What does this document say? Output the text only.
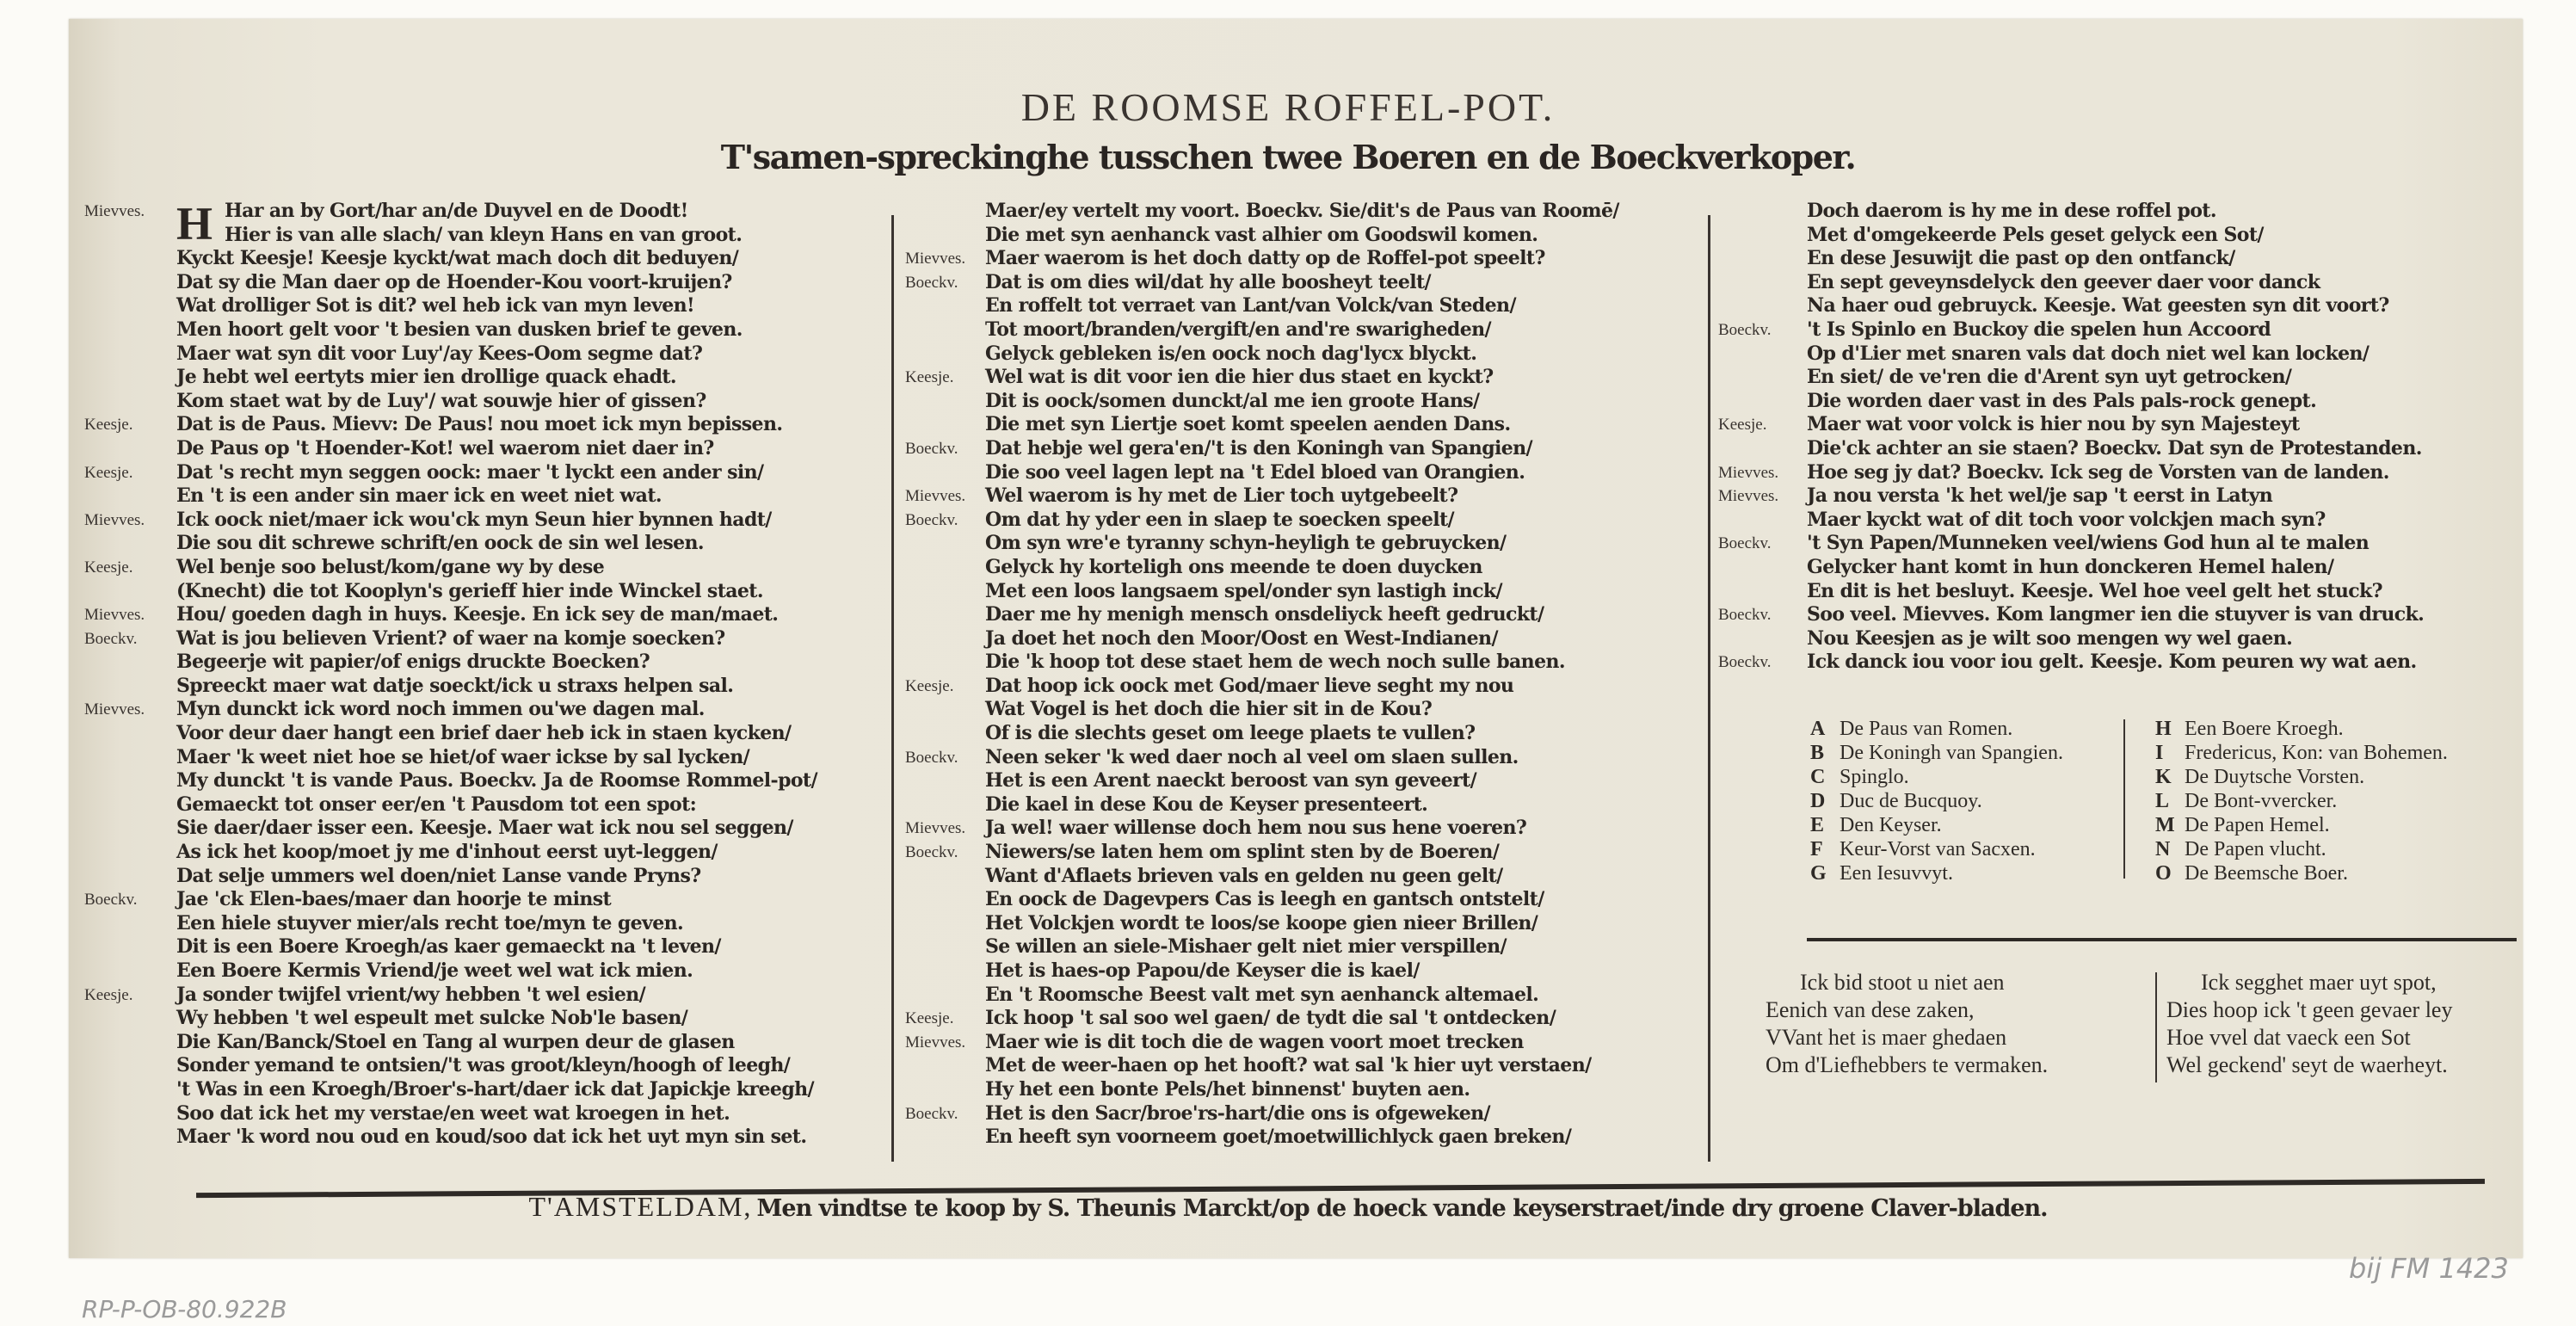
DE ROOMSE ROFFEL-POT.
T'samen-spreckinghe tusschen twee Boeren en de Boeckverkoper.
Mievves. H Har an by Gort/har an/de Duyvel en de Doodt!
Hier is van alle slach/ van kleyn Hans en van groot.
Kyckt Keesje! Keesje kyckt/wat mach doch dit beduyen/
Dat sy die Man daer op de Hoender-Kou voort-kruijen?
Wat drolliger Sot is dit? wel heb ick van myn leven!
Men hoort gelt voor 't besien van dusken brief te geven.
Maer wat syn dit voor Luy'/ay Kees-Oom segme dat?
Je hebt wel eertyts mier ien drollige quack ehadt.
Kom staet wat by de Luy'/ wat souwje hier of gissen?
Keesje. Dat is de Paus. Mievv: De Paus! nou moet ick myn bepissen.
De Paus op 't Hoender-Kot! wel waerom niet daer in?
Keesje. Dat 's recht myn seggen oock: maer 't lyckt een ander sin/
En 't is een ander sin maer ick en weet niet wat.
Mievves. Ick oock niet/maer ick wou'ck myn Seun hier bynnen hadt/
Die sou dit schrewe schrift/en oock de sin wel lesen.
Keesje. Wel benje soo belust/kom/gane wy by dese
(Knecht) die tot Kooplyn's gerieff hier inde Winckel staet.
Mievves. Hou/ goeden dagh in huys. Keesje. En ick sey de man/maet.
Boeckv. Wat is jou believen Vrient? of waer na komje soecken?
Begeerje wit papier/of enigs druckte Boecken?
Spreeckt maer wat datje soeckt/ick u straxs helpen sal.
Mievves. Myn dunckt ick word noch immen ou'we dagen mal.
Voor deur daer hangt een brief daer heb ick in staen kycken/
Maer 'k weet niet hoe se hiet/of waer ickse by sal lycken/
My dunckt 't is vande Paus. Boeckv. Ja de Roomse Rommel-pot/
Gemaeckt tot onser eer/en 't Pausdom tot een spot:
Sie daer/daer isser een. Keesje. Maer wat ick nou sel seggen/
As ick het koop/moet jy me d'inhout eerst uyt-leggen/
Dat selje ummers wel doen/niet Lanse vande Pryns?
Boeckv. Jae 'ck Elen-baes/maer dan hoorje te minst
Een hiele stuyver mier/als recht toe/myn te geven.
Dit is een Boere Kroegh/as kaer gemaeckt na 't leven/
Een Boere Kermis Vriend/je weet wel wat ick mien.
Keesje. Ja sonder twijfel vrient/wy hebben 't wel esien/
Wy hebben 't wel espeult met sulcke Nob'le basen/
Die Kan/Banck/Stoel en Tang al wurpen deur de glasen
Sonder yemand te ontsien/'t was groot/kleyn/hoogh of leegh/
't Was in een Kroegh/Broer's-hart/daer ick dat Japickje kreegh/
Soo dat ick het my verstae/en weet wat kroegen in het.
Maer 'k word nou oud en koud/soo dat ick het uyt myn sin set.
Maer/ey vertelt my voort. Boeckv. Sie/dit's de Paus van Roomē/
Die met syn aenhanck vast alhier om Goodswil komen.
Mievves. Maer waerom is het doch datty op de Roffel-pot speelt?
Boeckv. Dat is om dies wil/dat hy alle boosheyt teelt/
En roffelt tot verraet van Lant/van Volck/van Steden/
Tot moort/branden/vergift/en and're swarigheden/
Gelyck gebleken is/en oock noch dag'lycx blyckt.
Keesje. Wel wat is dit voor ien die hier dus staet en kyckt?
Dit is oock/somen dunckt/al me ien groote Hans/
Die met syn Liertje soet komt speelen aenden Dans.
Boeckv. Dat hebje wel gera'en/'t is den Koningh van Spangien/
Die soo veel lagen lept na 't Edel bloed van Orangien.
Mievves. Wel waerom is hy met de Lier toch uytgebeelt?
Boeckv. Om dat hy yder een in slaep te soecken speelt/
Om syn wre'e tyranny schyn-heyligh te gebruycken/
Gelyck hy korteligh ons meende te doen duycken
Met een loos langsaem spel/onder syn lastigh inck/
Daer me hy menigh mensch onsdeliyck heeft gedruckt/
Ja doet het noch den Moor/Oost en West-Indianen/
Die 'k hoop tot dese staet hem de wech noch sulle banen.
Keesje. Dat hoop ick oock met God/maer lieve seght my nou
Wat Vogel is het doch die hier sit in de Kou?
Of is die slechts geset om leege plaets te vullen?
Boeckv. Neen seker 'k wed daer noch al veel om slaen sullen.
Het is een Arent naeckt beroost van syn geveert/
Die kael in dese Kou de Keyser presenteert.
Mievves. Ja wel! waer willense doch hem nou sus hene voeren?
Boeckv. Niewers/se laten hem om splint sten by de Boeren/
Want d'Aflaets brieven vals en gelden nu geen gelt/
En oock de Dagevpers Cas is leegh en gantsch ontstelt/
Het Volckjen wordt te loos/se koope gien nieer Brillen/
Se willen an siele-Mishaer gelt niet mier verspillen/
Het is haes-op Papou/de Keyser die is kael/
En 't Roomsche Beest valt met syn aenhanck altemael.
Keesje. Ick hoop 't sal soo wel gaen/ de tydt die sal 't ontdecken/
Mievves. Maer wie is dit toch die de wagen voort moet trecken
Met de weer-haen op het hooft? wat sal 'k hier uyt verstaen/
Hy het een bonte Pels/het binnenst' buyten aen.
Boeckv. Het is den Sacr/broe'rs-hart/die ons is ofgeweken/
En heeft syn voorneem goet/moetwillichlyck gaen breken/
Doch daerom is hy me in dese roffel pot.
Met d'omgekeerde Pels geset gelyck een Sot/
En dese Jesuwijt die past op den ontfanck/
En sept geveynsdelyck den geever daer voor danck
Na haer oud gebruyck. Keesje. Wat geesten syn dit voort?
Boeckv. 't Is Spinlo en Buckoy die spelen hun Accoord
Op d'Lier met snaren vals dat doch niet wel kan locken/
En siet/ de ve'ren die d'Arent syn uyt getrocken/
Die worden daer vast in des Pals pals-rock genept.
Keesje. Maer wat voor volck is hier nou by syn Majesteyt
Die'ck achter an sie staen? Boeckv. Dat syn de Protestanden.
Mievves. Hoe seg jy dat? Boeckv. Ick seg de Vorsten van de landen.
Mievves. Ja nou versta 'k het wel/je sap 't eerst in Latyn
Maer kyckt wat of dit toch voor volckjen mach syn?
Boeckv. 't Syn Papen/Munneken veel/wiens God hun al te malen
Gelycker hant komt in hun donckeren Hemel halen/
En dit is het besluyt. Keesje. Wel hoe veel gelt het stuck?
Boeckv. Soo veel. Mievves. Kom langmer ien die stuyver is van druck.
Nou Keesjen as je wilt soo mengen wy wel gaen.
Boeckv. Ick danck iou voor iou gelt. Keesje. Kom peuren wy wat aen.
A De Paus van Romen.
B De Koningh van Spangien.
C Spinglo.
D Duc de Bucquoy.
E Den Keyser.
F Keur-Vorst van Sacxen.
G Een Iesuvvyt.
H Een Boere Kroegh.
I Fredericus, Kon: van Bohemen.
K De Duytsche Vorsten.
L De Bont-vvercker.
M De Papen Hemel.
N De Papen vlucht.
O De Beemsche Boer.
Ick bid stoot u niet aen
Eenich van dese zaken,
VVant het is maer ghedaen
Om d'Liefhebbers te vermaken.
Ick segghet maer uyt spot,
Dies hoop ick 't geen gevaer ley
Hoe vvel dat vaeck een Sot
Wel geckend' seyt de waerheyt.
T'AMSTELDAM, Men vindtse te koop by S. Theunis Marckt/op de hoeck vande keyserstraet/inde dry groene Claver-bladen.
RP-P-OB-80.922B
bij FM 1423
